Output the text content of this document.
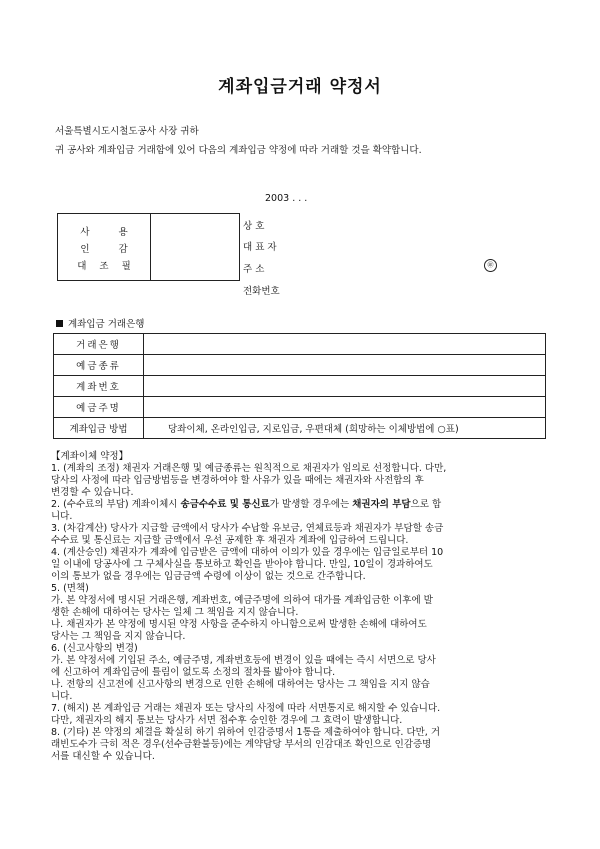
계좌입금거래 약정서
서울특별시도시철도공사 사장 귀하
귀 공사와 계좌입금 거래함에 있어 다음의 계좌입금 약정에 따라 거래할 것을 확약합니다.
2003 . . .
사 용
인 감
대조필
상 호
대 표 자
주 소
전화번호
㊞
계좌입금 거래은행
거래은행	
예금종류	
계좌번호	
예금주명	
계좌입금 방법	당좌이체, 온라인입금, 지로입금, 우편대체 (희망하는 이체방법에 ○표)
【계좌이체 약정】
1. (계좌의 조정) 채권자 거래은행 및 예금종류는 원칙적으로 채권자가 임의로 선정합니다. 다만,
당사의 사정에 따라 입금방법등을 변경하여야 할 사유가 있을 때에는 채권자와 사전합의 후
변경할 수 있습니다.
2. (수수료의 부담) 계좌이체시 송금수수료 및 통신료가 발생할 경우에는 채권자의 부담으로 합
니다.
3. (차감계산) 당사가 지급할 금액에서 당사가 수납할 유보금, 연체료등과 채권자가 부담할 송금
수수료 및 통신료는 지급할 금액에서 우선 공제한 후 채권자 계좌에 입금하여 드립니다.
4. (계산승인) 채권자가 계좌에 입금받은 금액에 대하여 이의가 있을 경우에는 입금일로부터 10
일 이내에 당공사에 그 구체사실을 통보하고 확인을 받아야 합니다. 만일, 10일이 경과하여도
이의 통보가 없을 경우에는 입금금액 수령에 이상이 없는 것으로 간주합니다.
5. (면책)
가. 본 약정서에 명시된 거래은행, 계좌번호, 예금주명에 의하여 대가를 계좌입금한 이후에 발
생한 손해에 대하여는 당사는 일체 그 책임을 지지 않습니다.
나. 채권자가 본 약정에 명시된 약정 사항을 준수하지 아니함으로써 발생한 손해에 대하여도
당사는 그 책임을 지지 않습니다.
6. (신고사항의 변경)
가. 본 약정서에 기입된 주소, 예금주명, 계좌번호등에 변경이 있을 때에는 즉시 서면으로 당사
에 신고하여 계좌입금에 틀림이 없도록 소정의 절차를 밟아야 합니다.
나. 전항의 신고전에 신고사항의 변경으로 인한 손해에 대하여는 당사는 그 책임을 지지 않습
니다.
7. (해지) 본 계좌입금 거래는 채권자 또는 당사의 사정에 따라 서면통지로 해지할 수 있습니다.
다만, 채권자의 해지 통보는 당사가 서면 접수후 승인한 경우에 그 효력이 발생합니다.
8. (기타) 본 약정의 체결을 확실히 하기 위하여 인감증명서 1통을 제출하여야 합니다. 다만, 거
래빈도수가 극히 적은 경우(선수금환불등)에는 계약담당 부서의 인감대조 확인으로 인감증명
서를 대신할 수 있습니다.
